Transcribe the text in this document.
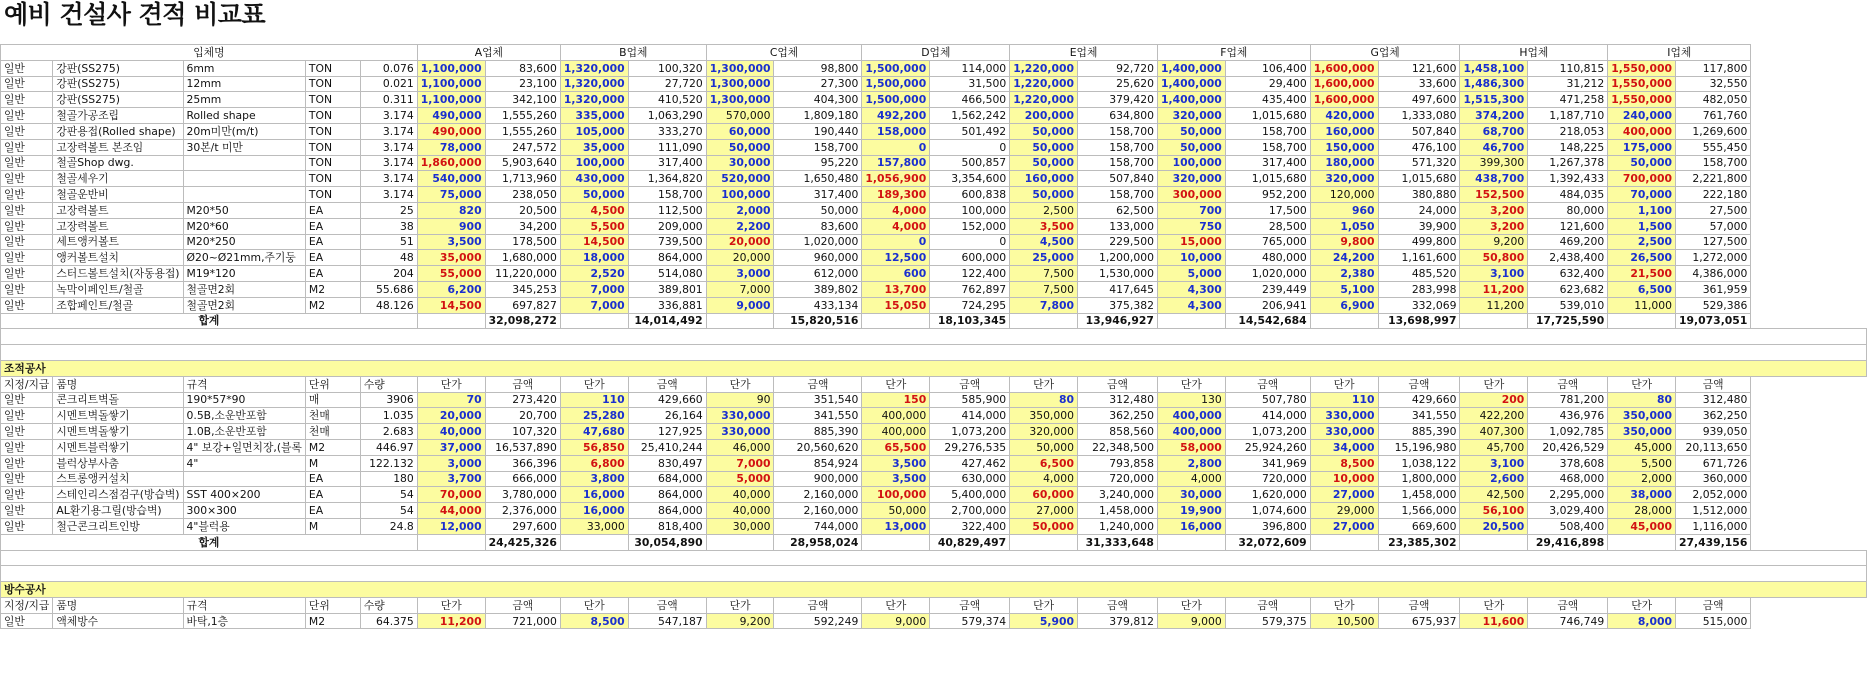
예비 건설사 견적 비교표
입체명					A업체		B업체		C업체		D업체		E업체		F업체		G업체		H업체		I업체	
일반	강판(SS275)	6mm	TON	0.076	1,100,000	83,600	1,320,000	100,320	1,300,000	98,800	1,500,000	114,000	1,220,000	92,720	1,400,000	106,400	1,600,000	121,600	1,458,100	110,815	1,550,000	117,800
일반	강판(SS275)	12mm	TON	0.021	1,100,000	23,100	1,320,000	27,720	1,300,000	27,300	1,500,000	31,500	1,220,000	25,620	1,400,000	29,400	1,600,000	33,600	1,486,300	31,212	1,550,000	32,550
일반	강판(SS275)	25mm	TON	0.311	1,100,000	342,100	1,320,000	410,520	1,300,000	404,300	1,500,000	466,500	1,220,000	379,420	1,400,000	435,400	1,600,000	497,600	1,515,300	471,258	1,550,000	482,050
일반	철골가공조립	Rolled shape	TON	3.174	490,000	1,555,260	335,000	1,063,290	570,000	1,809,180	492,200	1,562,242	200,000	634,800	320,000	1,015,680	420,000	1,333,080	374,200	1,187,710	240,000	761,760
일반	강판용접(Rolled shape)	20m미만(m/t)	TON	3.174	490,000	1,555,260	105,000	333,270	60,000	190,440	158,000	501,492	50,000	158,700	50,000	158,700	160,000	507,840	68,700	218,053	400,000	1,269,600
일반	고장력볼트 본조임	30본/t 미만	TON	3.174	78,000	247,572	35,000	111,090	50,000	158,700	0	0	50,000	158,700	50,000	158,700	150,000	476,100	46,700	148,225	175,000	555,450
일반	철골Shop dwg.		TON	3.174	1,860,000	5,903,640	100,000	317,400	30,000	95,220	157,800	500,857	50,000	158,700	100,000	317,400	180,000	571,320	399,300	1,267,378	50,000	158,700
일반	철골세우기		TON	3.174	540,000	1,713,960	430,000	1,364,820	520,000	1,650,480	1,056,900	3,354,600	160,000	507,840	320,000	1,015,680	320,000	1,015,680	438,700	1,392,433	700,000	2,221,800
일반	철골운반비		TON	3.174	75,000	238,050	50,000	158,700	100,000	317,400	189,300	600,838	50,000	158,700	300,000	952,200	120,000	380,880	152,500	484,035	70,000	222,180
일반	고장력볼트	M20*50	EA	25	820	20,500	4,500	112,500	2,000	50,000	4,000	100,000	2,500	62,500	700	17,500	960	24,000	3,200	80,000	1,100	27,500
일반	고장력볼트	M20*60	EA	38	900	34,200	5,500	209,000	2,200	83,600	4,000	152,000	3,500	133,000	750	28,500	1,050	39,900	3,200	121,600	1,500	57,000
일반	세트앵커볼트	M20*250	EA	51	3,500	178,500	14,500	739,500	20,000	1,020,000	0	0	4,500	229,500	15,000	765,000	9,800	499,800	9,200	469,200	2,500	127,500
일반	앵커볼트설치	Ø20~Ø21mm,주기둥	EA	48	35,000	1,680,000	18,000	864,000	20,000	960,000	12,500	600,000	25,000	1,200,000	10,000	480,000	24,200	1,161,600	50,800	2,438,400	26,500	1,272,000
일반	스터드볼트설치(자동용접)	M19*120	EA	204	55,000	11,220,000	2,520	514,080	3,000	612,000	600	122,400	7,500	1,530,000	5,000	1,020,000	2,380	485,520	3,100	632,400	21,500	4,386,000
일반	녹막이페인트/철골	철골면2회	M2	55.686	6,200	345,253	7,000	389,801	7,000	389,802	13,700	762,897	7,500	417,645	4,300	239,449	5,100	283,998	11,200	623,682	6,500	361,959
일반	조합페인트/철골	철골면2회	M2	48.126	14,500	697,827	7,000	336,881	9,000	433,134	15,050	724,295	7,800	375,382	4,300	206,941	6,900	332,069	11,200	539,010	11,000	529,386
합계						32,098,272		14,014,492		15,820,516		18,103,345		13,946,927		14,542,684		13,698,997		17,725,590		19,073,051

조적공사																						
지정/지급	품명	규격	단위	수량	단가	금액	단가	금액	단가	금액	단가	금액	단가	금액	단가	금액	단가	금액	단가	금액	단가	금액
일반	콘크리트벽돌	190*57*90	매	3906	70	273,420	110	429,660	90	351,540	150	585,900	80	312,480	130	507,780	110	429,660	200	781,200	80	312,480
일반	시멘트벽돌쌓기	0.5B,소운반포함	천매	1.035	20,000	20,700	25,280	26,164	330,000	341,550	400,000	414,000	350,000	362,250	400,000	414,000	330,000	341,550	422,200	436,976	350,000	362,250
일반	시멘트벽돌쌓기	1.0B,소운반포함	천매	2.683	40,000	107,320	47,680	127,925	330,000	885,390	400,000	1,073,200	320,000	858,560	400,000	1,073,200	330,000	885,390	407,300	1,092,785	350,000	939,050
일반	시멘트블럭쌓기	4" 보강+일면치장,(블록	M2	446.97	37,000	16,537,890	56,850	25,410,244	46,000	20,560,620	65,500	29,276,535	50,000	22,348,500	58,000	25,924,260	34,000	15,196,980	45,700	20,426,529	45,000	20,113,650
일반	블럭상부사춤	4"	M	122.132	3,000	366,396	6,800	830,497	7,000	854,924	3,500	427,462	6,500	793,858	2,800	341,969	8,500	1,038,122	3,100	378,608	5,500	671,726
일반	스트롱앵커설치		EA	180	3,700	666,000	3,800	684,000	5,000	900,000	3,500	630,000	4,000	720,000	4,000	720,000	10,000	1,800,000	2,600	468,000	2,000	360,000
일반	스테인리스점검구(방습벽)	SST 400×200	EA	54	70,000	3,780,000	16,000	864,000	40,000	2,160,000	100,000	5,400,000	60,000	3,240,000	30,000	1,620,000	27,000	1,458,000	42,500	2,295,000	38,000	2,052,000
일반	AL환기용그릴(방습벽)	300×300	EA	54	44,000	2,376,000	16,000	864,000	40,000	2,160,000	50,000	2,700,000	27,000	1,458,000	19,900	1,074,600	29,000	1,566,000	56,100	3,029,400	28,000	1,512,000
일반	철근콘크리트인방	4"블럭용	M	24.8	12,000	297,600	33,000	818,400	30,000	744,000	13,000	322,400	50,000	1,240,000	16,000	396,800	27,000	669,600	20,500	508,400	45,000	1,116,000
합계						24,425,326		30,054,890		28,958,024		40,829,497		31,333,648		32,072,609		23,385,302		29,416,898		27,439,156

방수공사																						
지정/지급	품명	규격	단위	수량	단가	금액	단가	금액	단가	금액	단가	금액	단가	금액	단가	금액	단가	금액	단가	금액	단가	금액
일반	액체방수	바탁,1층	M2	64.375	11,200	721,000	8,500	547,187	9,200	592,249	9,000	579,374	5,900	379,812	9,000	579,375	10,500	675,937	11,600	746,749	8,000	515,000
